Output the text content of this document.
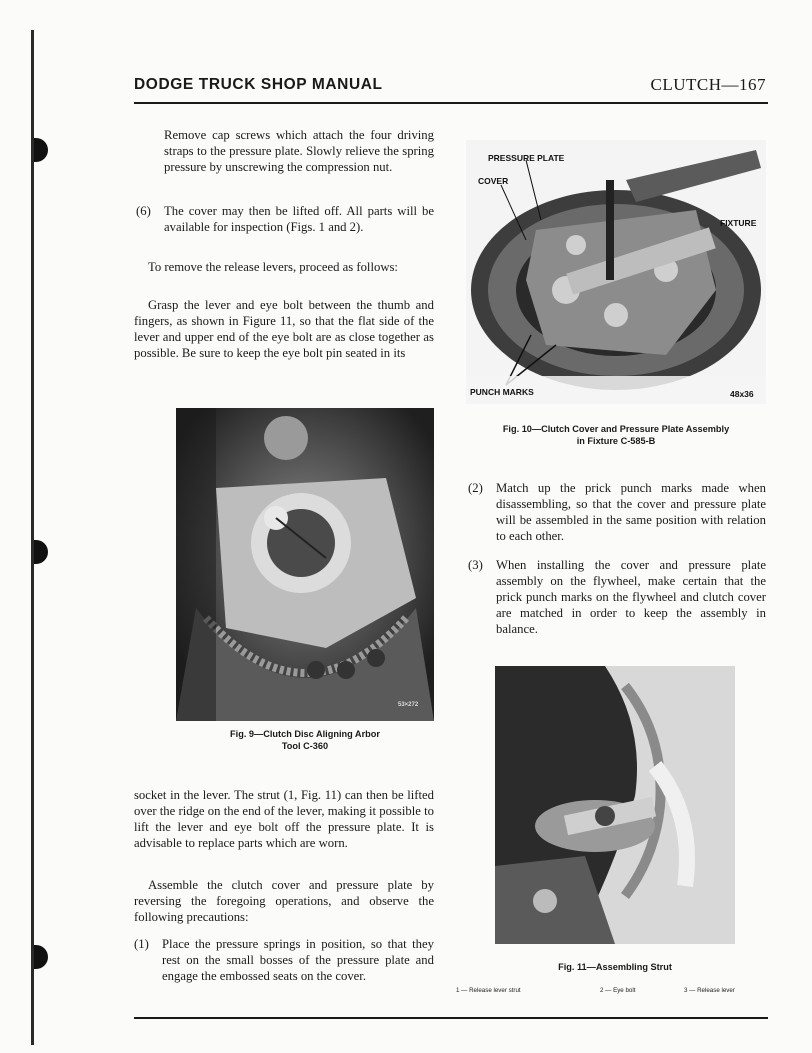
DODGE TRUCK SHOP MANUAL	CLUTCH—167

Remove cap screws which attach the four driving straps to the pressure plate. Slowly relieve the spring pressure by unscrewing the compression nut.

(6) The cover may then be lifted off. All parts will be available for inspection (Figs. 1 and 2).

To remove the release levers, proceed as follows:

Grasp the lever and eye bolt between the thumb and fingers, as shown in Figure 11, so that the flat side of the lever and upper end of the eye bolt are as close together as possible. Be sure to keep the eye bolt pin seated in its

53×272

Fig. 9—Clutch Disc Aligning Arbor
Tool C-360

socket in the lever. The strut (1, Fig. 11) can then be lifted over the ridge on the end of the lever, making it possible to lift the lever and eye bolt off the pressure plate. It is advisable to replace parts which are worn.

Assemble the clutch cover and pressure plate by reversing the foregoing operations, and observe the following precautions:

(1) Place the pressure springs in position, so that they rest on the small bosses of the pressure plate and engage the embossed seats on the cover.
PRESSURE PLATE
COVER
FIXTURE
PUNCH MARKS	48x36

Fig. 10—Clutch Cover and Pressure Plate Assembly
in Fixture C-585-B

(2) Match up the prick punch marks made when disassembling, so that the cover and pressure plate will be assembled in the same position with relation to each other.
(3) When installing the cover and pressure plate assembly on the flywheel, make certain that the prick punch marks on the flywheel and clutch cover are matched in order to keep the assembly in balance.

Fig. 11—Assembling Strut

1 — Release lever strut	2 — Eye bolt	3 — Release lever
